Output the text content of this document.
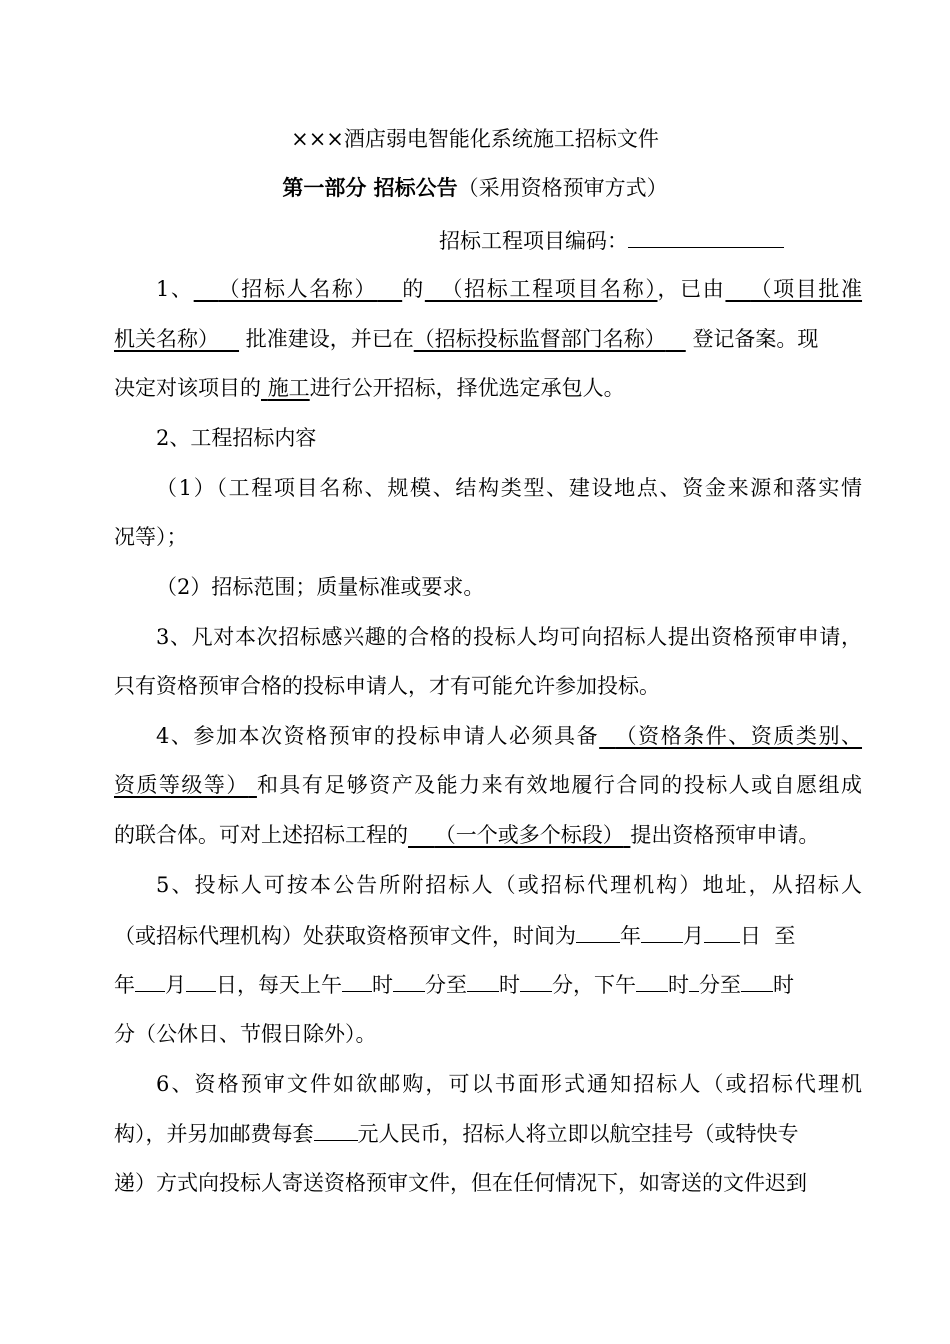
×××酒店弱电智能化系统施工招标文件
第一部分 招标公告（采用资格预审方式）
招标工程项目编码：
1、 （招标人名称） 的 （招标工程项目名称），已由 （项目批准
机关名称） 批准建设，并已在（招标投标监督部门名称） 登记备案。现
决定对该项目的 施工进行公开招标，择优选定承包人。
2、工程招标内容
（1）（工程项目名称、规模、结构类型、建设地点、资金来源和落实情
况等）；
（2）招标范围；质量标准或要求。
3、凡对本次招标感兴趣的合格的投标人均可向招标人提出资格预审申请，
只有资格预审合格的投标申请人，才有可能允许参加投标。
4、参加本次资格预审的投标申请人必须具备 （资格条件、资质类别、
资质等级等） 和具有足够资产及能力来有效地履行合同的投标人或自愿组成
的联合体。可对上述招标工程的 （一个或多个标段） 提出资格预审申请。
5、投标人可按本公告所附招标人（或招标代理机构）地址，从招标人
（或招标代理机构）处获取资格预审文件，时间为 年 月 日 至
年 月 日，每天上午 时 分至 时 分，下午 时 分至 时
分（公休日、节假日除外）。
6、资格预审文件如欲邮购，可以书面形式通知招标人（或招标代理机
构），并另加邮费每套 元人民币，招标人将立即以航空挂号（或特快专
递）方式向投标人寄送资格预审文件，但在任何情况下，如寄送的文件迟到
